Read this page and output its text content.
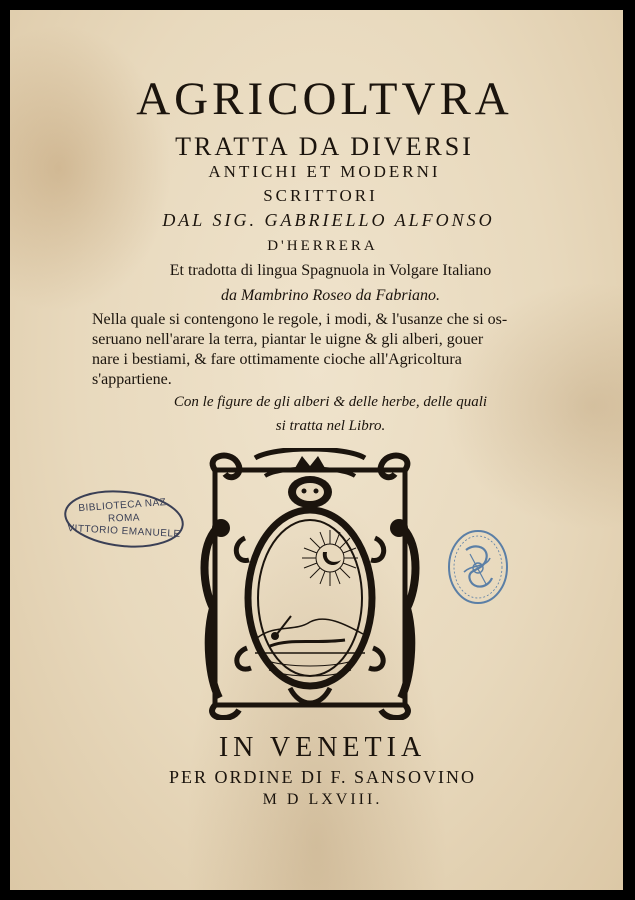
AGRICOLTVRA
TRATTA DA DIVERSI
ANTICHI ET MODERNI
SCRITTORI
DAL SIG. GABRIELLO ALFONSO
D'HERRERA
Et tradotta di lingua Spagnuola in Volgare Italiano
da Mambrino Roseo da Fabriano.
Nella quale si contengono le regole, i modi, & l'usanze che si os-
seruano nell'arare la terra, piantar le uigne & gli alberi, gouer
nare i bestiami, & fare ottimamente cioche all'Agricoltura
s'appartiene.
Con le figure de gli alberi & delle herbe, delle quali
si tratta nel Libro.
BIBLIOTECA NAZ.
ROMA
VITTORIO EMANUELE
IN VENETIA
PER ORDINE DI F. SANSOVINO
M D LXVIII.
